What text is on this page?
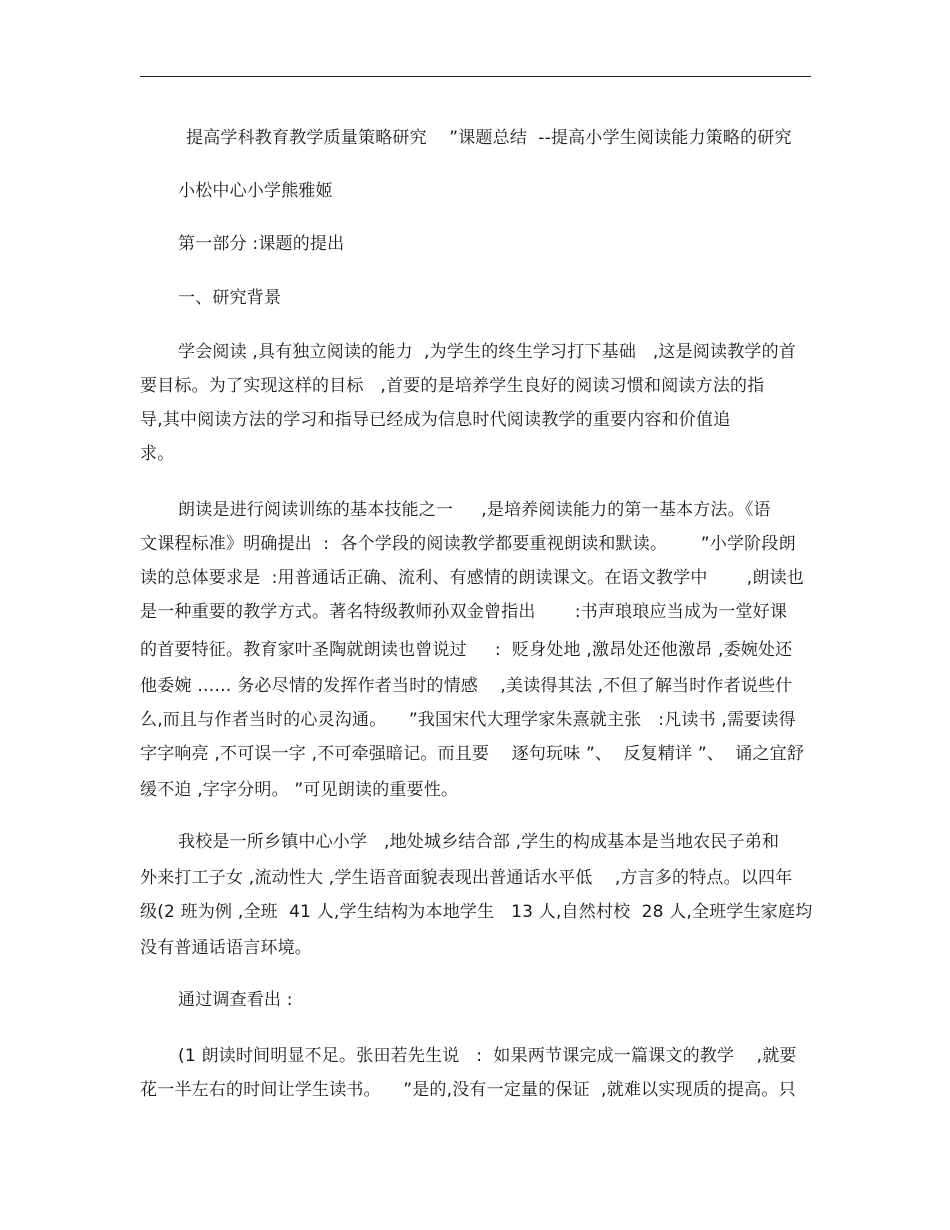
提高学科教育教学质量策略研究    ”课题总结  --提高小学生阅读能力策略的研究
小松中心小学熊雅姬
第一部分 :课题的提出
一、研究背景
学会阅读 ,具有独立阅读的能力  ,为学生的终生学习打下基础   ,这是阅读教学的首
要目标。为了实现这样的目标   ,首要的是培养学生良好的阅读习惯和阅读方法的指
导,其中阅读方法的学习和指导已经成为信息时代阅读教学的重要内容和价值追
求。
朗读是进行阅读训练的基本技能之一     ,是培养阅读能力的第一基本方法。《语
文课程标准》明确提出  :  各个学段的阅读教学都要重视朗读和默读。      ”小学阶段朗
读的总体要求是  :用普通话正确、流利、有感情的朗读课文。在语文教学中       ,朗读也
是一种重要的教学方式。著名特级教师孙双金曾指出       :书声琅琅应当成为一堂好课
的首要特征。教育家叶圣陶就朗读也曾说过     :  贬身处地 ,激昂处还他激昂 ,委婉处还
他委婉 …… 务必尽情的发挥作者当时的情感    ,美读得其法 ,不但了解当时作者说些什
么,而且与作者当时的心灵沟通。    ”我国宋代大理学家朱熹就主张   :凡读书 ,需要读得
字字响亮 ,不可误一字 ,不可牵强暗记。而且要    逐句玩味 ”、  反复精详 ”、  诵之宜舒
缓不迫 ,字字分明。 ”可见朗读的重要性。
我校是一所乡镇中心小学   ,地处城乡结合部 ,学生的构成基本是当地农民子弟和
外来打工子女 ,流动性大 ,学生语音面貌表现出普通话水平低    ,方言多的特点。以四年
级(2 班为例 ,全班  41 人,学生结构为本地学生   13 人,自然村校  28 人,全班学生家庭均
没有普通话语言环境。
通过调查看出 :
(1 朗读时间明显不足。张田若先生说   :  如果两节课完成一篇课文的教学    ,就要
花一半左右的时间让学生读书。    ”是的,没有一定量的保证  ,就难以实现质的提高。只
